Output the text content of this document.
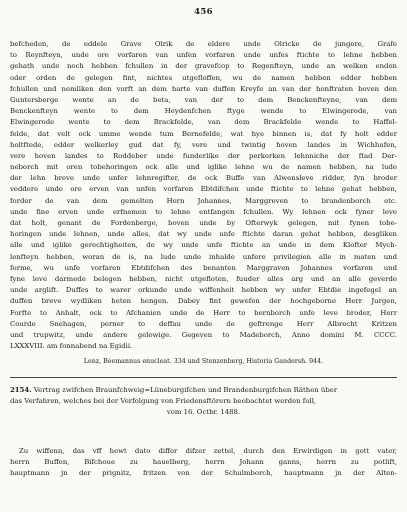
456
befcheden, de eddele Grave Olrik de eldere unde Olricke de jungere, Grafe
to Reynfteyn, unde ore vorfaren van unfen vorfaren unde unfes ftichte to lehne hebben
gehath unde noch hebben fchullen in der gravefcop to Regenfteyn, unde an welken enden
oder orden de gelegen fint, nichtes utgefloffen, wu de namen hebben edder hebben
fchullen und nemliken den vorft an dem harte van duffen Kreyfe an van der honftraten boven den
Guntersberge wente an de beta, van der to dem Benckenfteyne, van dem
Benckenfteyn wente to dem Heydenfchen ftyge wende to Elwingerode, van
Elwingerode wente to dem Brackfelde, van dem Brackfelde wende to Haffel-
felde, dat velt ock umme wende tum Bernefelde, wat hye binnen is, dat fy holt edder
holtftede, edder welkerley gud dat fy, vere und twintig hoven landes in Wichhufen,
vere hoven landes to Roddeber unde funderlike der perkerken lehnniche der ftad Der-
neborch mit oren tobehoringen ock alle und iglike lehne wu de namen hebben, na lude
der lehn breve unde unfer lehnregifter, de ock Buffe van Alwensleve ridder, fyn broder
veddere unde ore erven van unfen vorfaren Ebtdifchen unde ftichte to lehne gehat hebben,
forder de van dem gemelten Hern Johannes, Marggreven to brandenborch etc.
unde fine erven unde erfnemen to lehne entfangen fchullen. Wy lehnen ock fyner leve
dat holt, genant de Fordenberge, boven unde by Ofterwyk gelegen, mit fynen tobe-
horingen unde lehnen, unde alles, dat wy unde unfe ftichte daran gehat hebben, desgliken
alle und iglike gerechtigheiten, de wy unde unfe ftichte an unde in dem Klofter Mych-
lenfteyn hebben, woran de is, na lude unde inhalde unfere privilegien alle in maten und
forme, wu unfe vorfaren Ebtdifchen des benanten Marggraven Johannes vorfaren und
fyne leve darmede belegen hebben, nicht utgefloten, fuuder alles arg und an alle geverde
unde arglift. Duffes to warer orkunde unde wiffenheit hebben wy unfer Ebtdie ingefegel an
duffen breve wydliken heten hengen. Dabey fint gewefen der hochgeborne Herr Jurgen,
Forfte to Anhalt, ock to Afchanien unde de Herr to bernborch unfe leve broder, Herr
Courde Snehagen, perner to deffau unde de geftrenge Herr Albrecht Kritzen
und trupwitz, unde andere gelowige. Gegeven to Madeborch, Anno domini M. CCCC.
LXXXVIII. am fonnabend na Egidii.
Lenz, Beemannus enucleat. 334 und Stenzenberg, Historia Gandersh. 944.
2154. Vertrag zwifchen Braunfchweig=Lüneburgifchen und Brandenburgifchen Räthen über
das Verfahren, welches bei der Verfolgung von Friedensftörern beobachtet werden foll,
vom 16. Octbr. 1488.
Zu wiffenn, das vff hewt dato differ difzer zettel, durch den Erwirdigen in gott vater,
herrn Buffen, Bifchoue zu hauelberg, herrn Johann ganns, herrn zu potlift,
hauptmann jn der prignitz, fritzen von der Schulmborch, hauptmann jn der Alten-
